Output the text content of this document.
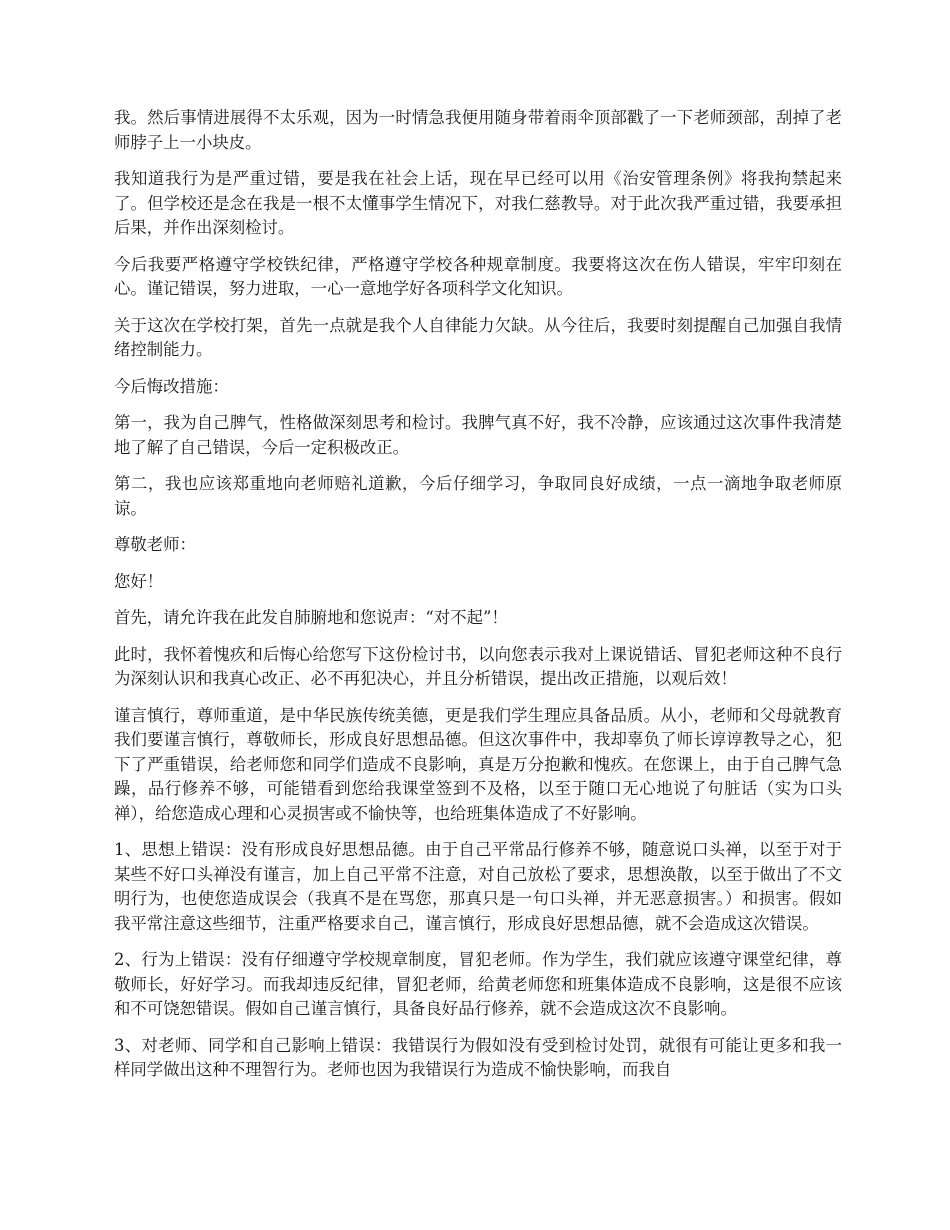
我。然后事情进展得不太乐观，因为一时情急我便用随身带着雨伞顶部戳了一下老师颈部，刮掉了老师脖子上一小块皮。

我知道我行为是严重过错，要是我在社会上话，现在早已经可以用《治安管理条例》将我拘禁起来了。但学校还是念在我是一根不太懂事学生情况下，对我仁慈教导。对于此次我严重过错，我要承担后果，并作出深刻检讨。

今后我要严格遵守学校铁纪律，严格遵守学校各种规章制度。我要将这次在伤人错误，牢牢印刻在心。谨记错误，努力进取，一心一意地学好各项科学文化知识。

关于这次在学校打架，首先一点就是我个人自律能力欠缺。从今往后，我要时刻提醒自己加强自我情绪控制能力。

今后悔改措施：

第一，我为自己脾气，性格做深刻思考和检讨。我脾气真不好，我不冷静，应该通过这次事件我清楚地了解了自己错误，今后一定积极改正。

第二，我也应该郑重地向老师赔礼道歉，今后仔细学习，争取同良好成绩，一点一滴地争取老师原谅。

尊敬老师：

您好！

首先，请允许我在此发自肺腑地和您说声：“对不起”！

此时，我怀着愧疚和后悔心给您写下这份检讨书，以向您表示我对上课说错话、冒犯老师这种不良行为深刻认识和我真心改正、必不再犯决心，并且分析错误，提出改正措施，以观后效！

谨言慎行，尊师重道，是中华民族传统美德，更是我们学生理应具备品质。从小，老师和父母就教育我们要谨言慎行，尊敬师长，形成良好思想品德。但这次事件中，我却辜负了师长谆谆教导之心，犯下了严重错误，给老师您和同学们造成不良影响，真是万分抱歉和愧疚。在您课上，由于自己脾气急躁，品行修养不够，可能错看到您给我课堂签到不及格，以至于随口无心地说了句脏话（实为口头禅），给您造成心理和心灵损害或不愉快等，也给班集体造成了不好影响。

1、思想上错误：没有形成良好思想品德。由于自己平常品行修养不够，随意说口头禅，以至于对于某些不好口头禅没有谨言，加上自己平常不注意，对自己放松了要求，思想涣散，以至于做出了不文明行为，也使您造成误会（我真不是在骂您，那真只是一句口头禅，并无恶意损害。）和损害。假如我平常注意这些细节，注重严格要求自己，谨言慎行，形成良好思想品德，就不会造成这次错误。

2、行为上错误：没有仔细遵守学校规章制度，冒犯老师。作为学生，我们就应该遵守课堂纪律，尊敬师长，好好学习。而我却违反纪律，冒犯老师，给黄老师您和班集体造成不良影响，这是很不应该和不可饶恕错误。假如自己谨言慎行，具备良好品行修养，就不会造成这次不良影响。

3、对老师、同学和自己影响上错误：我错误行为假如没有受到检讨处罚，就很有可能让更多和我一样同学做出这种不理智行为。老师也因为我错误行为造成不愉快影响，而我自
